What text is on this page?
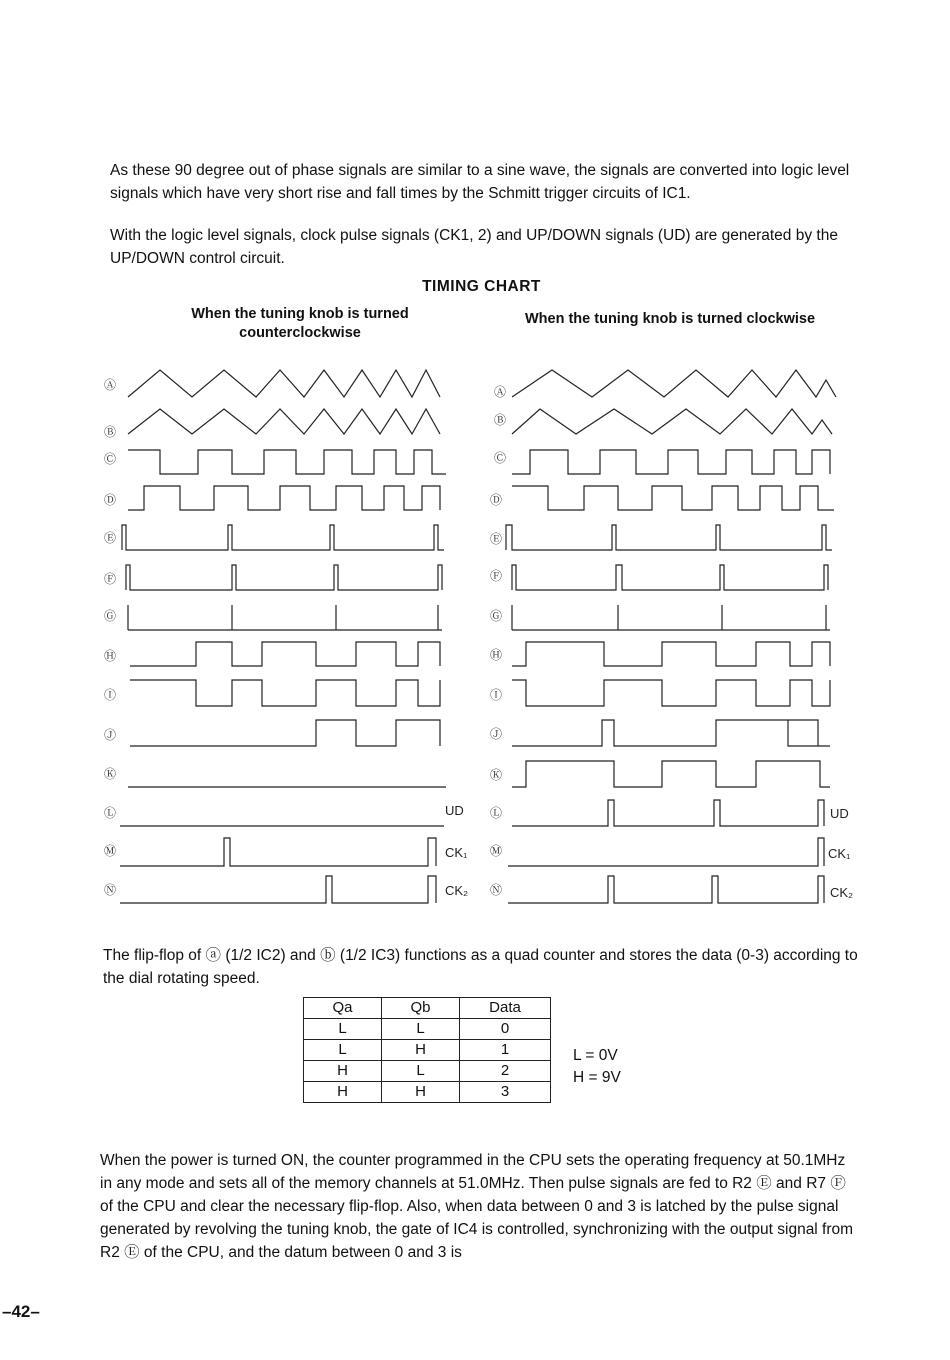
As these 90 degree out of phase signals are similar to a sine wave, the signals are converted into logic level signals which have very short rise and fall times by the Schmitt trigger circuits of IC1.

With the logic level signals, clock pulse signals (CK1, 2) and UP/DOWN signals (UD) are generated by the UP/DOWN control circuit.

TIMING CHART
When the tuning knob is turned counterclockwise
When the tuning knob is turned clockwise
Ⓐ
Ⓑ
Ⓒ
Ⓓ
Ⓔ
Ⓕ
Ⓖ
Ⓗ
Ⓘ
Ⓙ
Ⓚ
Ⓛ
Ⓜ
Ⓝ
Ⓐ
Ⓑ
Ⓒ
Ⓓ
Ⓔ
Ⓕ
Ⓖ
Ⓗ
Ⓘ
Ⓙ
Ⓚ
Ⓛ
Ⓜ
Ⓝ
UD
CK₁
CK₂
UD
CK₁
CK₂

The flip-flop of ⓐ (1/2 IC2) and ⓑ (1/2 IC3) functions as a quad counter and stores the data (0-3) according to the dial rotating speed.

Qa	Qb	Data
L	L	0
L	H	1
H	L	2
H	H	3
L = 0V
H = 9V

When the power is turned ON, the counter programmed in the CPU sets the operating frequency at 50.1MHz in any mode and sets all of the memory channels at 51.0MHz. Then pulse signals are fed to R2 Ⓔ and R7 Ⓕ of the CPU and clear the necessary flip-flop. Also, when data between 0 and 3 is latched by the pulse signal generated by revolving the tuning knob, the gate of IC4 is controlled, synchronizing with the output signal from R2 Ⓔ of the CPU, and the datum between 0 and 3 is

–42–
